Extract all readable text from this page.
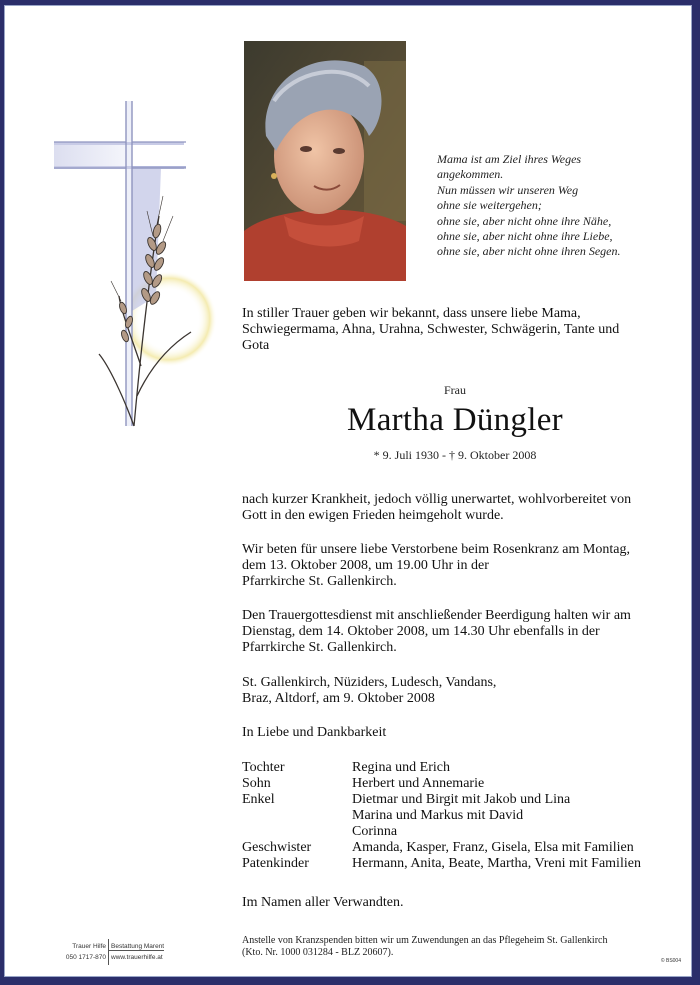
Mama ist am Ziel ihres Weges
angekommen.
Nun müssen wir unseren Weg
ohne sie weitergehen;
ohne sie, aber nicht ohne ihre Nähe,
ohne sie, aber nicht ohne ihre Liebe,
ohne sie, aber nicht ohne ihren Segen.
In stiller Trauer geben wir bekannt, dass unsere liebe Mama,
Schwiegermama, Ahna, Urahna, Schwester, Schwägerin, Tante und
Gota
Frau
Martha Düngler
* 9. Juli 1930 - † 9. Oktober 2008
nach kurzer Krankheit, jedoch völlig unerwartet, wohlvorbereitet von
Gott in den ewigen Frieden heimgeholt wurde.
Wir beten für unsere liebe Verstorbene beim Rosenkranz am Montag,
dem 13. Oktober 2008, um 19.00 Uhr in der
Pfarrkirche St. Gallenkirch.
Den Trauergottesdienst mit anschließender Beerdigung halten wir am
Dienstag, dem 14. Oktober 2008, um 14.30 Uhr ebenfalls in der
Pfarrkirche St. Gallenkirch.
St. Gallenkirch, Nüziders, Ludesch, Vandans,
Braz, Altdorf, am 9. Oktober 2008
In Liebe und Dankbarkeit
Tochter	Regina und Erich
Sohn	Herbert und Annemarie
Enkel	Dietmar und Birgit mit Jakob und Lina
Marina und Markus mit David
Corinna
Geschwister	Amanda, Kasper, Franz, Gisela, Elsa mit Familien
Patenkinder	Hermann, Anita, Beate, Martha, Vreni mit Familien
Im Namen aller Verwandten.
Anstelle von Kranzspenden bitten wir um Zuwendungen an das Pflegeheim St. Gallenkirch
(Kto. Nr. 1000 031284 - BLZ 20607).
Trauer Hilfe
050 1717-870
Bestattung Marent
www.trauerhilfe.at	© BS004
